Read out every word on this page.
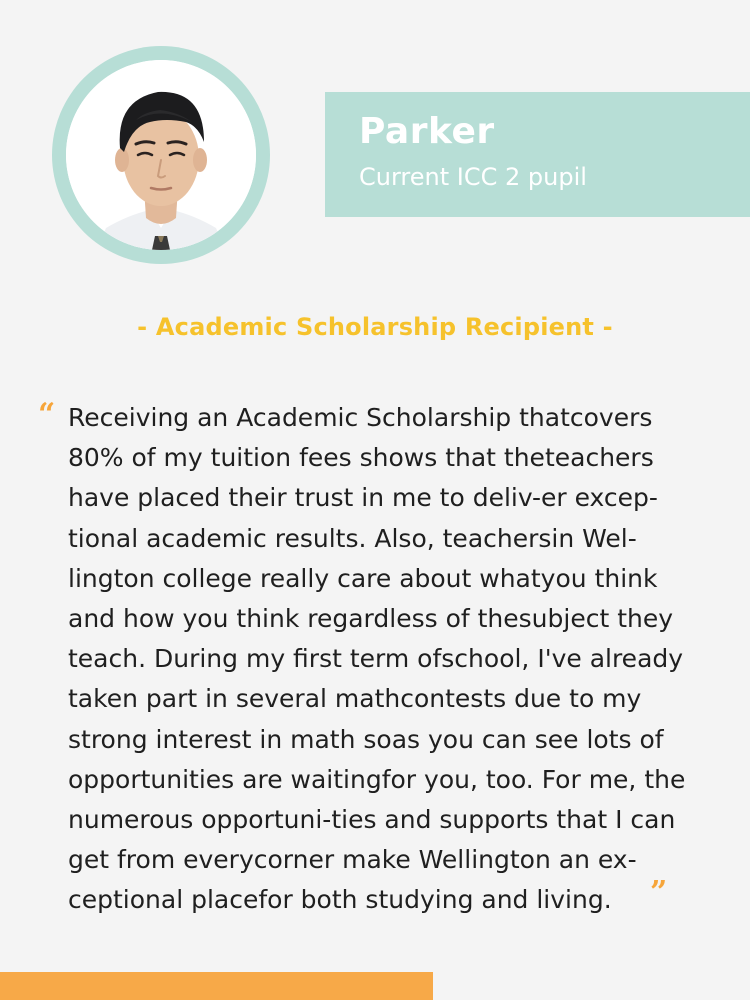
Parker
Current ICC 2 pupil
- Academic Scholarship Recipient -
“ Receiving an Academic Scholarship thatcovers
80% of my tuition fees shows that theteachers
have placed their trust in me to deliv-er excep-
tional academic results. Also, teachersin Wel-
lington college really care about whatyou think
and how you think regardless of thesubject they
teach. During my first term ofschool, I've already
taken part in several mathcontests due to my
strong interest in math soas you can see lots of
opportunities are waitingfor you, too. For me, the
numerous opportuni-ties and supports that I can
get from everycorner make Wellington an ex-
ceptional placefor both studying and living.	”
